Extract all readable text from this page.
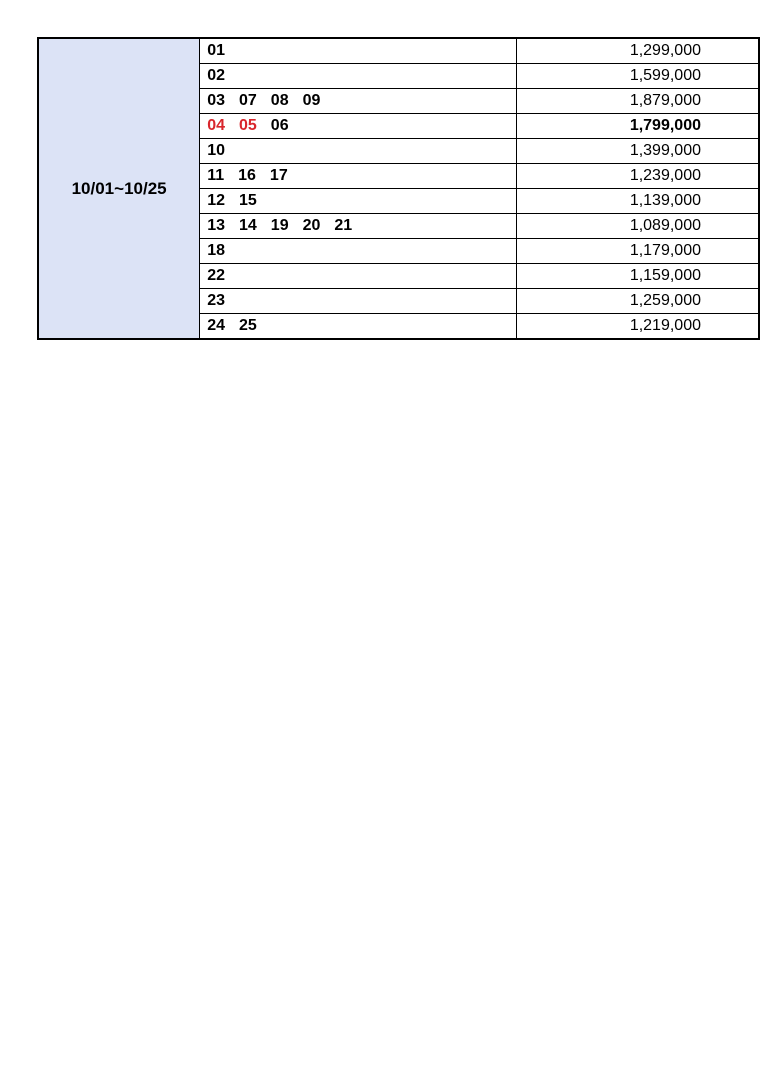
10/01~10/25	01	1,299,000
	02	1,599,000
	03 07 08 09	1,879,000
	04 05 06	1,799,000
	10	1,399,000
	11 16 17	1,239,000
	12 15	1,139,000
	13 14 19 20 21	1,089,000
	18	1,179,000
	22	1,159,000
	23	1,259,000
	24 25	1,219,000
